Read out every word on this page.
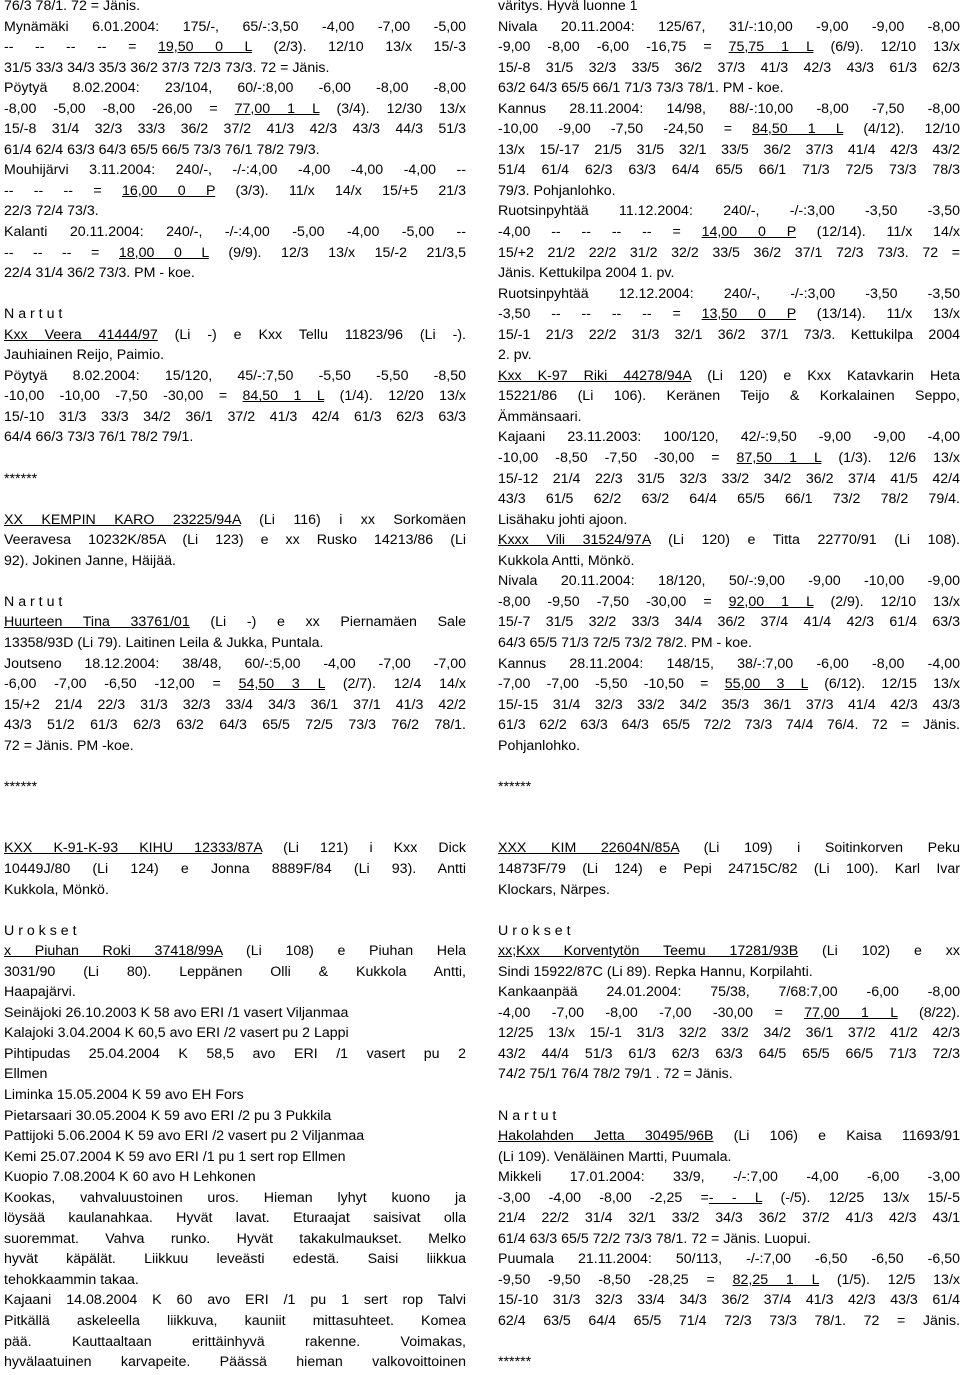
76/3 78/1. 72 = Jänis.
Mynämäki 6.01.2004: 175/-, 65/-:3,50 -4,00 -7,00 -5,00
-- -- -- -- = 19,50 0 L (2/3). 12/10 13/x 15/-3
31/5 33/3 34/3 35/3 36/2 37/3 72/3 73/3. 72 = Jänis.
Pöytyä 8.02.2004: 23/104, 60/-:8,00 -6,00 -8,00 -8,00
-8,00 -5,00 -8,00 -26,00 = 77,00 1 L (3/4). 12/30 13/x
15/-8 31/4 32/3 33/3 36/2 37/2 41/3 42/3 43/3 44/3 51/3
61/4 62/4 63/3 64/3 65/5 66/5 73/3 76/1 78/2 79/3.
Mouhijärvi 3.11.2004: 240/-, -/-:4,00 -4,00 -4,00 -4,00 --
-- -- -- = 16,00 0 P (3/3). 11/x 14/x 15/+5 21/3
22/3 72/4 73/3.
Kalanti 20.11.2004: 240/-, -/-:4,00 -5,00 -4,00 -5,00 --
-- -- -- = 18,00 0 L (9/9). 12/3 13/x 15/-2 21/3,5
22/4 31/4 36/2 73/3. PM - koe.
N a r t u t
Kxx Veera 41444/97 (Li -) e Kxx Tellu 11823/96 (Li -).
Jauhiainen Reijo, Paimio.
Pöytyä 8.02.2004: 15/120, 45/-:7,50 -5,50 -5,50 -8,50
-10,00 -10,00 -7,50 -30,00 = 84,50 1 L (1/4). 12/20 13/x
15/-10 31/3 33/3 34/2 36/1 37/2 41/3 42/4 61/3 62/3 63/3
64/4 66/3 73/3 76/1 78/2 79/1.
******
XX KEMPIN KARO 23225/94A (Li 116) i xx Sorkomäen
Veeravesa 10232K/85A (Li 123) e xx Rusko 14213/86 (Li
92). Jokinen Janne, Häijää.
N a r t u t
Huurteen Tina 33761/01 (Li -) e xx Piernamäen Sale
13358/93D (Li 79). Laitinen Leila & Jukka, Puntala.
Joutseno 18.12.2004: 38/48, 60/-:5,00 -4,00 -7,00 -7,00
-6,00 -7,00 -6,50 -12,00 = 54,50 3 L (2/7). 12/4 14/x
15/+2 21/4 22/3 31/3 32/3 33/4 34/3 36/1 37/1 41/3 42/2
43/3 51/2 61/3 62/3 63/2 64/3 65/5 72/5 73/3 76/2 78/1.
72 = Jänis. PM -koe.
******
KXX K-91-K-93 KIHU 12333/87A (Li 121) i Kxx Dick
10449J/80 (Li 124) e Jonna 8889F/84 (Li 93). Antti
Kukkola, Mönkö.
U r o k s e t
x Piuhan Roki 37418/99A (Li 108) e Piuhan Hela
3031/90 (Li 80). Leppänen Olli & Kukkola Antti,
Haapajärvi.
Seinäjoki 26.10.2003 K 58 avo ERI /1 vasert Viljanmaa
Kalajoki 3.04.2004 K 60,5 avo ERI /2 vasert pu 2 Lappi
Pihtipudas 25.04.2004 K 58,5 avo ERI /1 vasert pu 2
Ellmen
Liminka 15.05.2004 K 59 avo EH Fors
Pietarsaari 30.05.2004 K 59 avo ERI /2 pu 3 Pukkila
Pattijoki 5.06.2004 K 59 avo ERI /2 vasert pu 2 Viljanmaa
Kemi 25.07.2004 K 59 avo ERI /1 pu 1 sert rop Ellmen
Kuopio 7.08.2004 K 60 avo H Lehkonen
Kookas, vahvaluustoinen uros. Hieman lyhyt kuono ja
löysää kaulanahkaa. Hyvät lavat. Eturaajat saisivat olla
suoremmat. Vahva runko. Hyvät takakulmaukset. Melko
hyvät käpälät. Liikkuu leveästi edestä. Saisi liikkua
tehokkaammin takaa.
Kajaani 14.08.2004 K 60 avo ERI /1 pu 1 sert rop Talvi
Pitkällä askeleella liikkuva, kauniit mittasuhteet. Komea
pää. Kauttaaltaan erittäinhyvä rakenne. Voimakas,
hyvälaatuinen karvapeite. Päässä hieman valkovoittoinen
väritys. Hyvä luonne 1
Nivala 20.11.2004: 125/67, 31/-:10,00 -9,00 -9,00 -8,00
-9,00 -8,00 -6,00 -16,75 = 75,75 1 L (6/9). 12/10 13/x
15/-8 31/5 32/3 33/5 36/2 37/3 41/3 42/3 43/3 61/3 62/3
63/2 64/3 65/5 66/1 71/3 73/3 78/1. PM - koe.
Kannus 28.11.2004: 14/98, 88/-:10,00 -8,00 -7,50 -8,00
-10,00 -9,00 -7,50 -24,50 = 84,50 1 L (4/12). 12/10
13/x 15/-17 21/5 31/5 32/1 33/5 36/2 37/3 41/4 42/3 43/2
51/4 61/4 62/3 63/3 64/4 65/5 66/1 71/3 72/5 73/3 78/3
79/3. Pohjanlohko.
Ruotsinpyhtää 11.12.2004: 240/-, -/-:3,00 -3,50 -3,50
-4,00 -- -- -- -- = 14,00 0 P (12/14). 11/x 14/x
15/+2 21/2 22/2 31/2 32/2 33/5 36/2 37/1 72/3 73/3. 72 =
Jänis. Kettukilpa 2004 1. pv.
Ruotsinpyhtää 12.12.2004: 240/-, -/-:3,00 -3,50 -3,50
-3,50 -- -- -- -- = 13,50 0 P (13/14). 11/x 13/x
15/-1 21/3 22/2 31/3 32/1 36/2 37/1 73/3. Kettukilpa 2004
2. pv.
Kxx K-97 Riki 44278/94A (Li 120) e Kxx Katavkarin Heta
15221/86 (Li 106). Keränen Teijo & Korkalainen Seppo,
Ämmänsaari.
Kajaani 23.11.2003: 100/120, 42/-:9,50 -9,00 -9,00 -4,00
-10,00 -8,50 -7,50 -30,00 = 87,50 1 L (1/3). 12/6 13/x
15/-12 21/4 22/3 31/5 32/3 33/2 34/2 36/2 37/4 41/5 42/4
43/3 61/5 62/2 63/2 64/4 65/5 66/1 73/2 78/2 79/4.
Lisähaku johti ajoon.
Kxxx Vili 31524/97A (Li 120) e Titta 22770/91 (Li 108).
Kukkola Antti, Mönkö.
Nivala 20.11.2004: 18/120, 50/-:9,00 -9,00 -10,00 -9,00
-8,00 -9,50 -7,50 -30,00 = 92,00 1 L (2/9). 12/10 13/x
15/-7 31/5 32/2 33/3 34/4 36/2 37/4 41/4 42/3 61/4 63/3
64/3 65/5 71/3 72/5 73/2 78/2. PM - koe.
Kannus 28.11.2004: 148/15, 38/-:7,00 -6,00 -8,00 -4,00
-7,00 -7,00 -5,50 -10,50 = 55,00 3 L (6/12). 12/15 13/x
15/-15 31/4 32/3 33/2 34/2 35/3 36/1 37/3 41/4 42/3 43/3
61/3 62/2 63/3 64/3 65/5 72/2 73/3 74/4 76/4. 72 = Jänis.
Pohjanlohko.
******
XXX KIM 22604N/85A (Li 109) i Soitinkorven Peku
14873F/79 (Li 124) e Pepi 24715C/82 (Li 100). Karl Ivar
Klockars, Närpes.
U r o k s e t
xx;Kxx Korventytön Teemu 17281/93B (Li 102) e xx
Sindi 15922/87C (Li 89). Repka Hannu, Korpilahti.
Kankaanpää 24.01.2004: 75/38, 7/68:7,00 -6,00 -8,00
-4,00 -7,00 -8,00 -7,00 -30,00 = 77,00 1 L (8/22).
12/25 13/x 15/-1 31/3 32/2 33/2 34/2 36/1 37/2 41/2 42/3
43/2 44/4 51/3 61/3 62/3 63/3 64/5 65/5 66/5 71/3 72/3
74/2 75/1 76/4 78/2 79/1 . 72 = Jänis.
N a r t u t
Hakolahden Jetta 30495/96B (Li 106) e Kaisa 11693/91
(Li 109). Venäläinen Martti, Puumala.
Mikkeli 17.01.2004: 33/9, -/-:7,00 -4,00 -6,00 -3,00
-3,00 -4,00 -8,00 -2,25 =- - L (-/5). 12/25 13/x 15/-5
21/4 22/2 31/4 32/1 33/2 34/3 36/2 37/2 41/3 42/3 43/1
61/4 63/3 65/5 72/2 73/3 78/1. 72 = Jänis. Luopui.
Puumala 21.11.2004: 50/113, -/-:7,00 -6,50 -6,50 -6,50
-9,50 -9,50 -8,50 -28,25 = 82,25 1 L (1/5). 12/5 13/x
15/-10 31/3 32/3 33/4 34/3 36/2 37/4 41/3 42/3 43/3 61/4
62/4 63/5 64/4 65/5 71/4 72/3 73/3 78/1. 72 = Jänis.
******
